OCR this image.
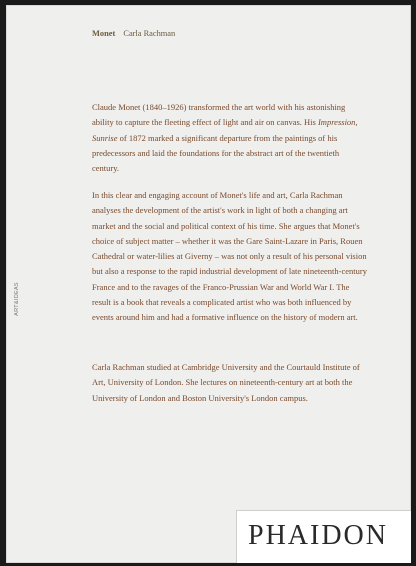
Monet Carla Rachman

Claude Monet (1840–1926) transformed the art world with his astonishing ability to capture the fleeting effect of light and air on canvas. His Impression, Sunrise of 1872 marked a significant departure from the paintings of his predecessors and laid the foundations for the abstract art of the twentieth century.

In this clear and engaging account of Monet's life and art, Carla Rachman analyses the development of the artist's work in light of both a changing art market and the social and political context of his time. She argues that Monet's choice of subject matter – whether it was the Gare Saint-Lazare in Paris, Rouen Cathedral or water-lilies at Giverny – was not only a result of his personal vision but also a response to the rapid industrial development of late nineteenth-century France and to the ravages of the Franco-Prussian War and World War I. The result is a book that reveals a complicated artist who was both influenced by events around him and had a formative influence on the history of modern art.

Carla Rachman studied at Cambridge University and the Courtauld Institute of Art, University of London. She lectures on nineteenth-century art at both the University of London and Boston University's London campus.

ART&IDEAS
PHAIDON
